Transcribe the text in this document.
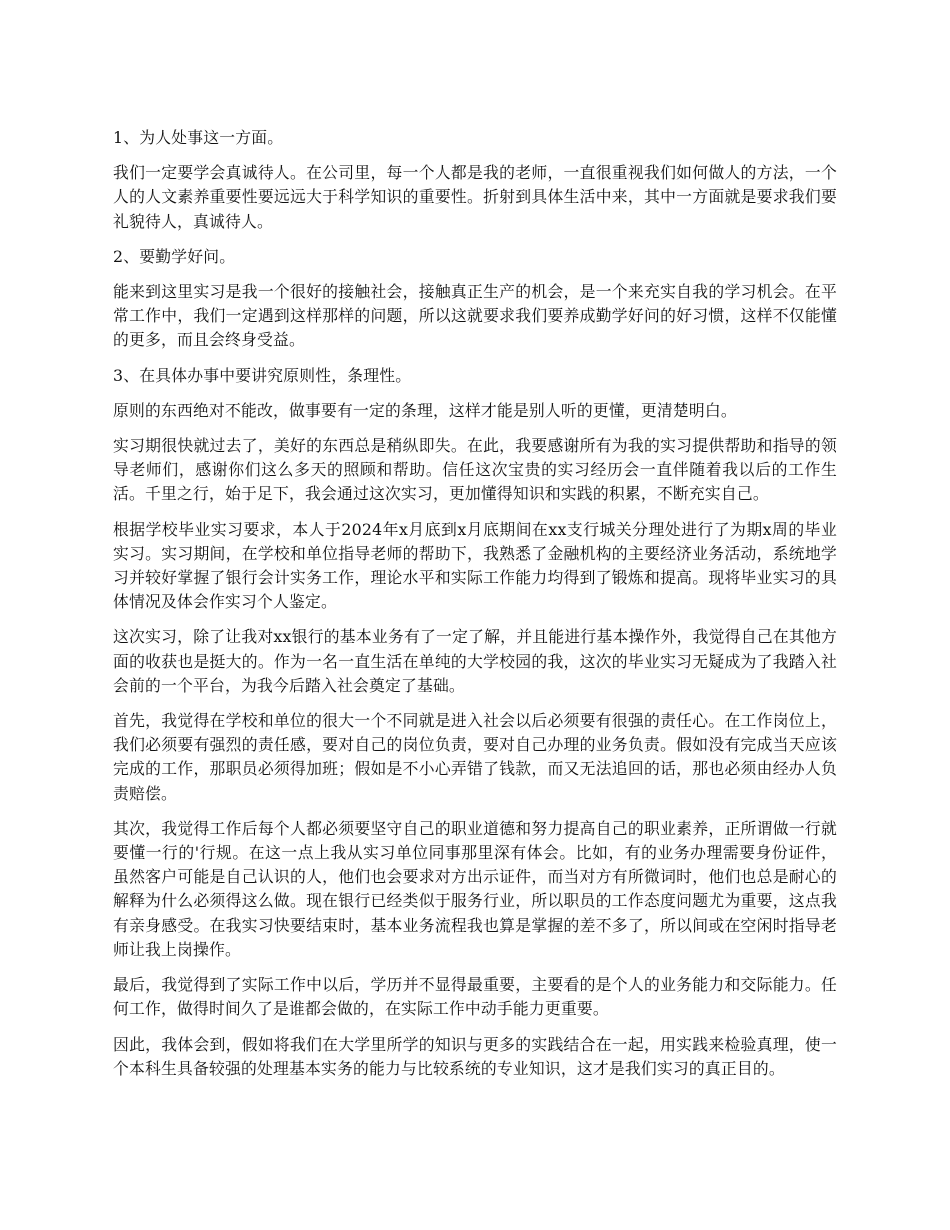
1、为人处事这一方面。

我们一定要学会真诚待人。在公司里，每一个人都是我的老师，一直很重视我们如何做人的方法，一个人的人文素养重要性要远远大于科学知识的重要性。折射到具体生活中来，其中一方面就是要求我们要礼貌待人，真诚待人。

2、要勤学好问。

能来到这里实习是我一个很好的接触社会，接触真正生产的机会，是一个来充实自我的学习机会。在平常工作中，我们一定遇到这样那样的问题，所以这就要求我们要养成勤学好问的好习惯，这样不仅能懂的更多，而且会终身受益。

3、在具体办事中要讲究原则性，条理性。

原则的东西绝对不能改，做事要有一定的条理，这样才能是别人听的更懂，更清楚明白。

实习期很快就过去了，美好的东西总是稍纵即失。在此，我要感谢所有为我的实习提供帮助和指导的领导老师们，感谢你们这么多天的照顾和帮助。信任这次宝贵的实习经历会一直伴随着我以后的工作生活。千里之行，始于足下，我会通过这次实习，更加懂得知识和实践的积累，不断充实自己。

根据学校毕业实习要求，本人于2024年x月底到x月底期间在xx支行城关分理处进行了为期x周的毕业实习。实习期间，在学校和单位指导老师的帮助下，我熟悉了金融机构的主要经济业务活动，系统地学习并较好掌握了银行会计实务工作，理论水平和实际工作能力均得到了锻炼和提高。现将毕业实习的具体情况及体会作实习个人鉴定。

这次实习，除了让我对xx银行的基本业务有了一定了解，并且能进行基本操作外，我觉得自己在其他方面的收获也是挺大的。作为一名一直生活在单纯的大学校园的我，这次的毕业实习无疑成为了我踏入社会前的一个平台，为我今后踏入社会奠定了基础。

首先，我觉得在学校和单位的很大一个不同就是进入社会以后必须要有很强的责任心。在工作岗位上，我们必须要有强烈的责任感，要对自己的岗位负责，要对自己办理的业务负责。假如没有完成当天应该完成的工作，那职员必须得加班；假如是不小心弄错了钱款，而又无法追回的话，那也必须由经办人负责赔偿。

其次，我觉得工作后每个人都必须要坚守自己的职业道德和努力提高自己的职业素养，正所谓做一行就要懂一行的'行规。在这一点上我从实习单位同事那里深有体会。比如，有的业务办理需要身份证件，虽然客户可能是自己认识的人，他们也会要求对方出示证件，而当对方有所微词时，他们也总是耐心的解释为什么必须得这么做。现在银行已经类似于服务行业，所以职员的工作态度问题尤为重要，这点我有亲身感受。在我实习快要结束时，基本业务流程我也算是掌握的差不多了，所以间或在空闲时指导老师让我上岗操作。

最后，我觉得到了实际工作中以后，学历并不显得最重要，主要看的是个人的业务能力和交际能力。任何工作，做得时间久了是谁都会做的，在实际工作中动手能力更重要。

因此，我体会到，假如将我们在大学里所学的知识与更多的实践结合在一起，用实践来检验真理，使一个本科生具备较强的处理基本实务的能力与比较系统的专业知识，这才是我们实习的真正目的。
